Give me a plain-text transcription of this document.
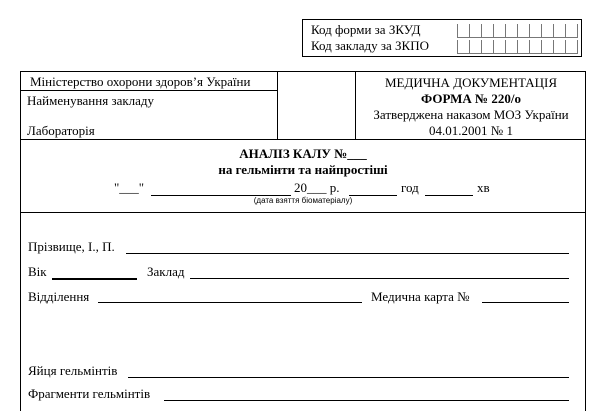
Код форми за ЗКУД
Код закладу за ЗКПО
Міністерство охорони здоров’я України
Найменування закладу
Лабораторія
МЕДИЧНА ДОКУМЕНТАЦІЯ
ФОРМА № 220/о
Затверджена наказом МОЗ України
04.01.2001 № 1
АНАЛІЗ КАЛУ №___
на гельмінти та найпростіші
"___"	20___ р.	год	хв
(дата взяття біоматеріалу)
Прізвище, І., П.
Вік	Заклад
Відділення	Медична карта №
Яйця гельмінтів
Фрагменти гельмінтів
